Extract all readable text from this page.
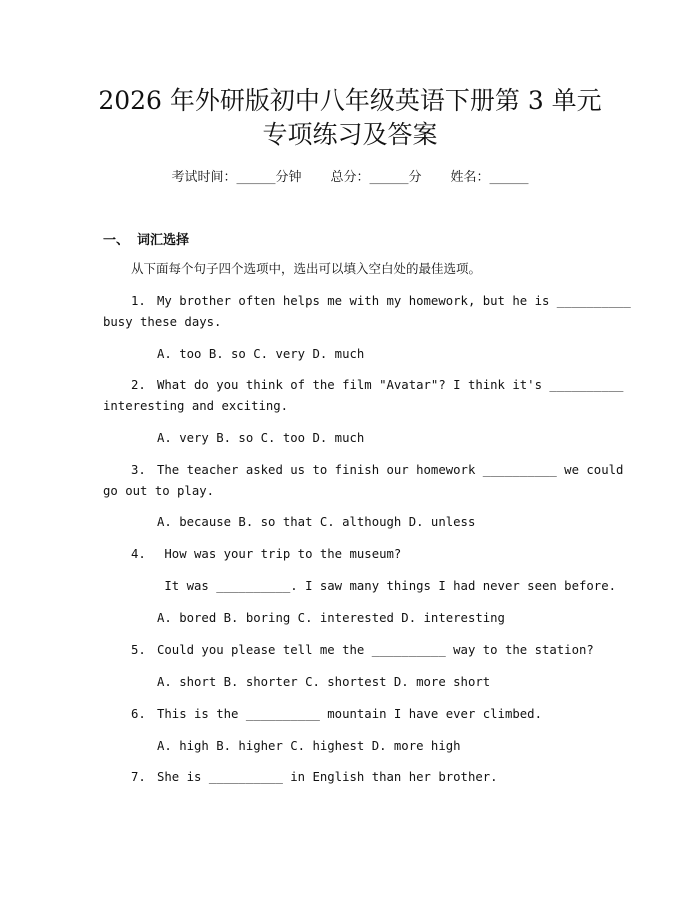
2026 年外研版初中八年级英语下册第 3 单元
专项练习及答案
考试时间：______分钟 总分：______分 姓名：______
一、 词汇选择
从下面每个句子四个选项中，选出可以填入空白处的最佳选项。
1. My brother often helps me with my homework, but he is __________
busy these days.
A. too B. so C. very D. much
2. What do you think of the film "Avatar"? I think it's __________
interesting and exciting.
A. very B. so C. too D. much
3. The teacher asked us to finish our homework __________ we could
go out to play.
A. because B. so that C. although D. unless
4. How was your trip to the museum?
It was __________. I saw many things I had never seen before.
A. bored B. boring C. interested D. interesting
5. Could you please tell me the __________ way to the station?
A. short B. shorter C. shortest D. more short
6. This is the __________ mountain I have ever climbed.
A. high B. higher C. highest D. more high
7. She is __________ in English than her brother.
